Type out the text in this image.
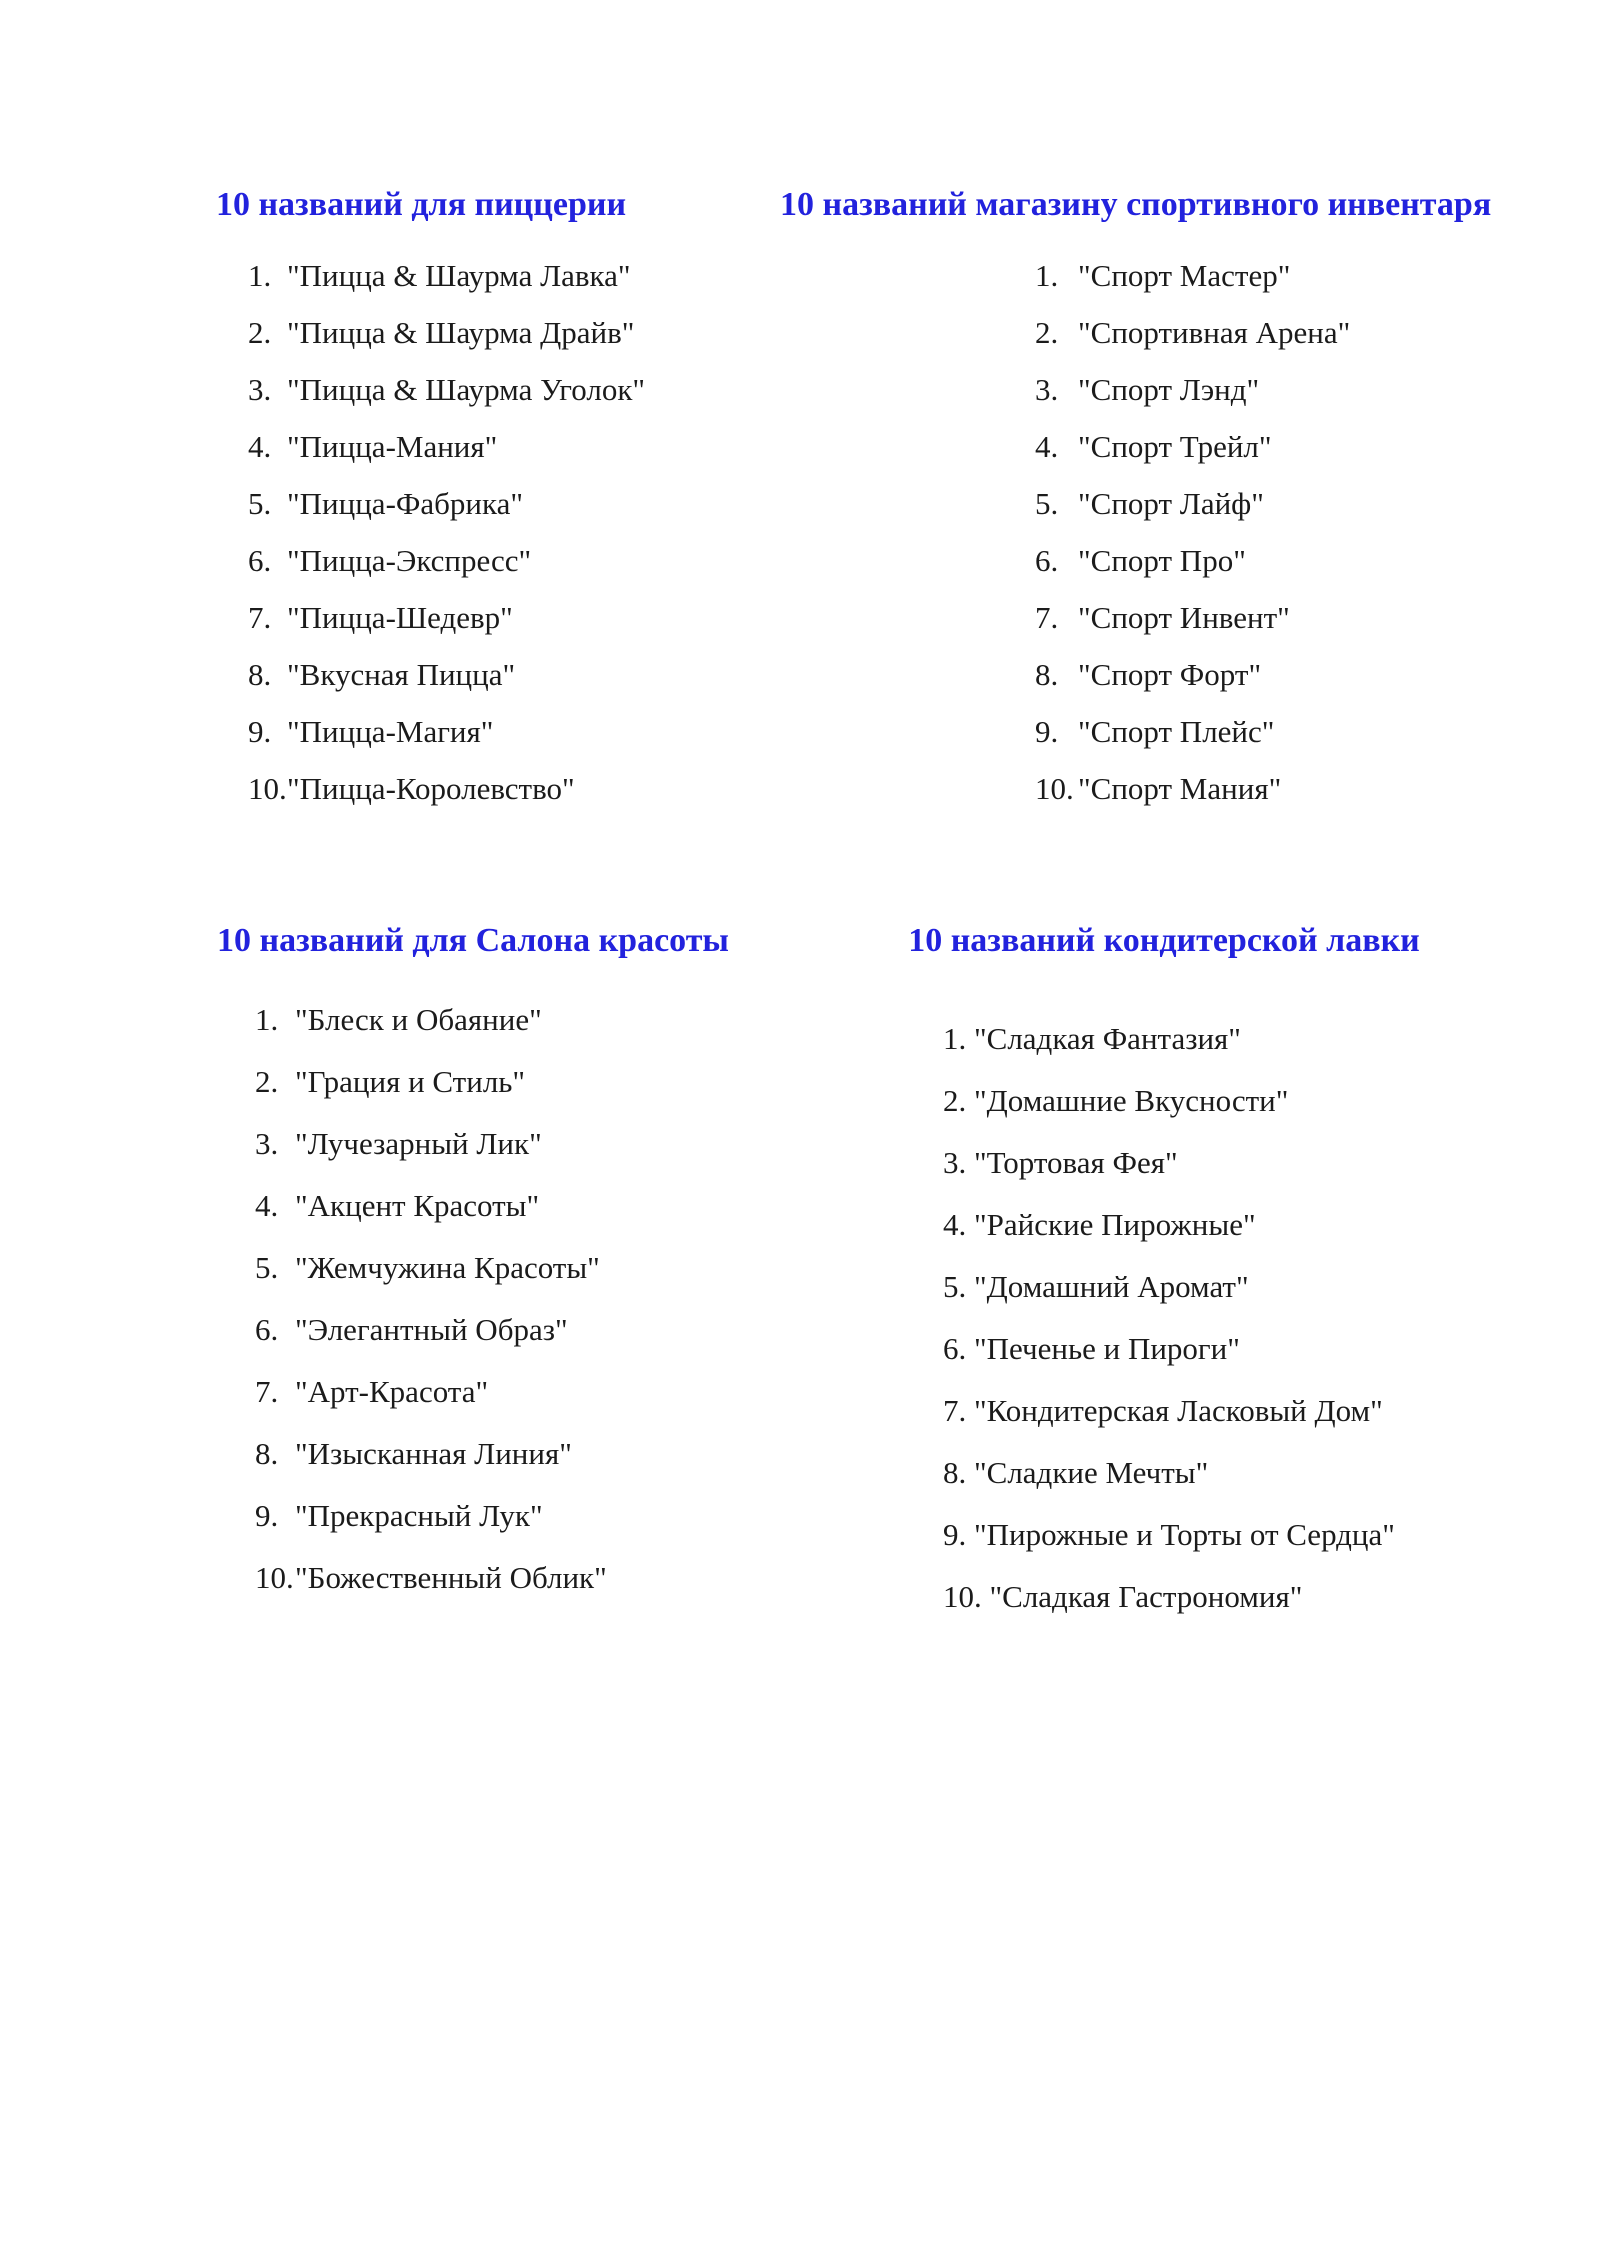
10 названий для пиццерии	10 названий магазину спортивного инвентаря
10 названий для Салона красоты	10 названий кондитерской лавки
1. "Пицца & Шаурма Лавка"
2. "Пицца & Шаурма Драйв"
3. "Пицца & Шаурма Уголок"
4. "Пицца-Мания"
5. "Пицца-Фабрика"
6. "Пицца-Экспресс"
7. "Пицца-Шедевр"
8. "Вкусная Пицца"
9. "Пицца-Магия"
10. "Пицца-Королевство"
1. "Спорт Мастер"
2. "Спортивная Арена"
3. "Спорт Лэнд"
4. "Спорт Трейл"
5. "Спорт Лайф"
6. "Спорт Про"
7. "Спорт Инвент"
8. "Спорт Форт"
9. "Спорт Плейс"
10. "Спорт Мания"
1. "Блеск и Обаяние"
2. "Грация и Стиль"
3. "Лучезарный Лик"
4. "Акцент Красоты"
5. "Жемчужина Красоты"
6. "Элегантный Образ"
7. "Арт-Красота"
8. "Изысканная Линия"
9. "Прекрасный Лук"
10. "Божественный Облик"
1.
"Сладкая Фантазия"
2.
"Домашние Вкусности"
3.
"Тортовая Фея"
4.
"Райские Пирожные"
5.
"Домашний Аромат"
6.
"Печенье и Пироги"
7.
"Кондитерская Ласковый Дом"
8.
"Сладкие Мечты"
9.
"Пирожные и Торты от Сердца"
10.
"Сладкая Гастрономия"
